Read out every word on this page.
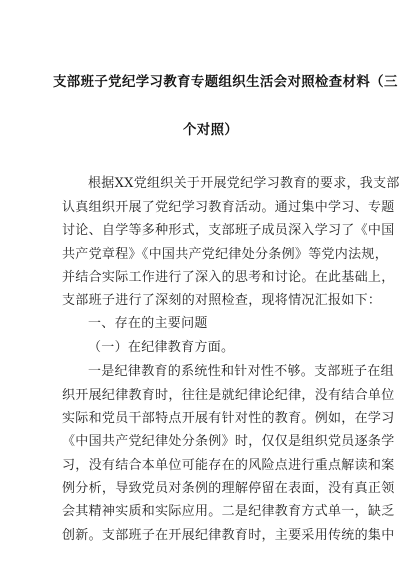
支部班子党纪学习教育专题组织生活会对照检查材料（三
个对照）
根据XX党组织关于开展党纪学习教育的要求，我支部
认真组织开展了党纪学习教育活动。通过集中学习、专题
讨论、自学等多种形式，支部班子成员深入学习了《中国
共产党章程》《中国共产党纪律处分条例》等党内法规，
并结合实际工作进行了深入的思考和讨论。在此基础上，
支部班子进行了深刻的对照检查，现将情况汇报如下：
一、存在的主要问题
（一）在纪律教育方面。
一是纪律教育的系统性和针对性不够。支部班子在组
织开展纪律教育时，往往是就纪律论纪律，没有结合单位
实际和党员干部特点开展有针对性的教育。例如，在学习
《中国共产党纪律处分条例》时，仅仅是组织党员逐条学
习，没有结合本单位可能存在的风险点进行重点解读和案
例分析，导致党员对条例的理解停留在表面，没有真正领
会其精神实质和实际应用。二是纪律教育方式单一，缺乏
创新。支部班子在开展纪律教育时，主要采用传统的集中
